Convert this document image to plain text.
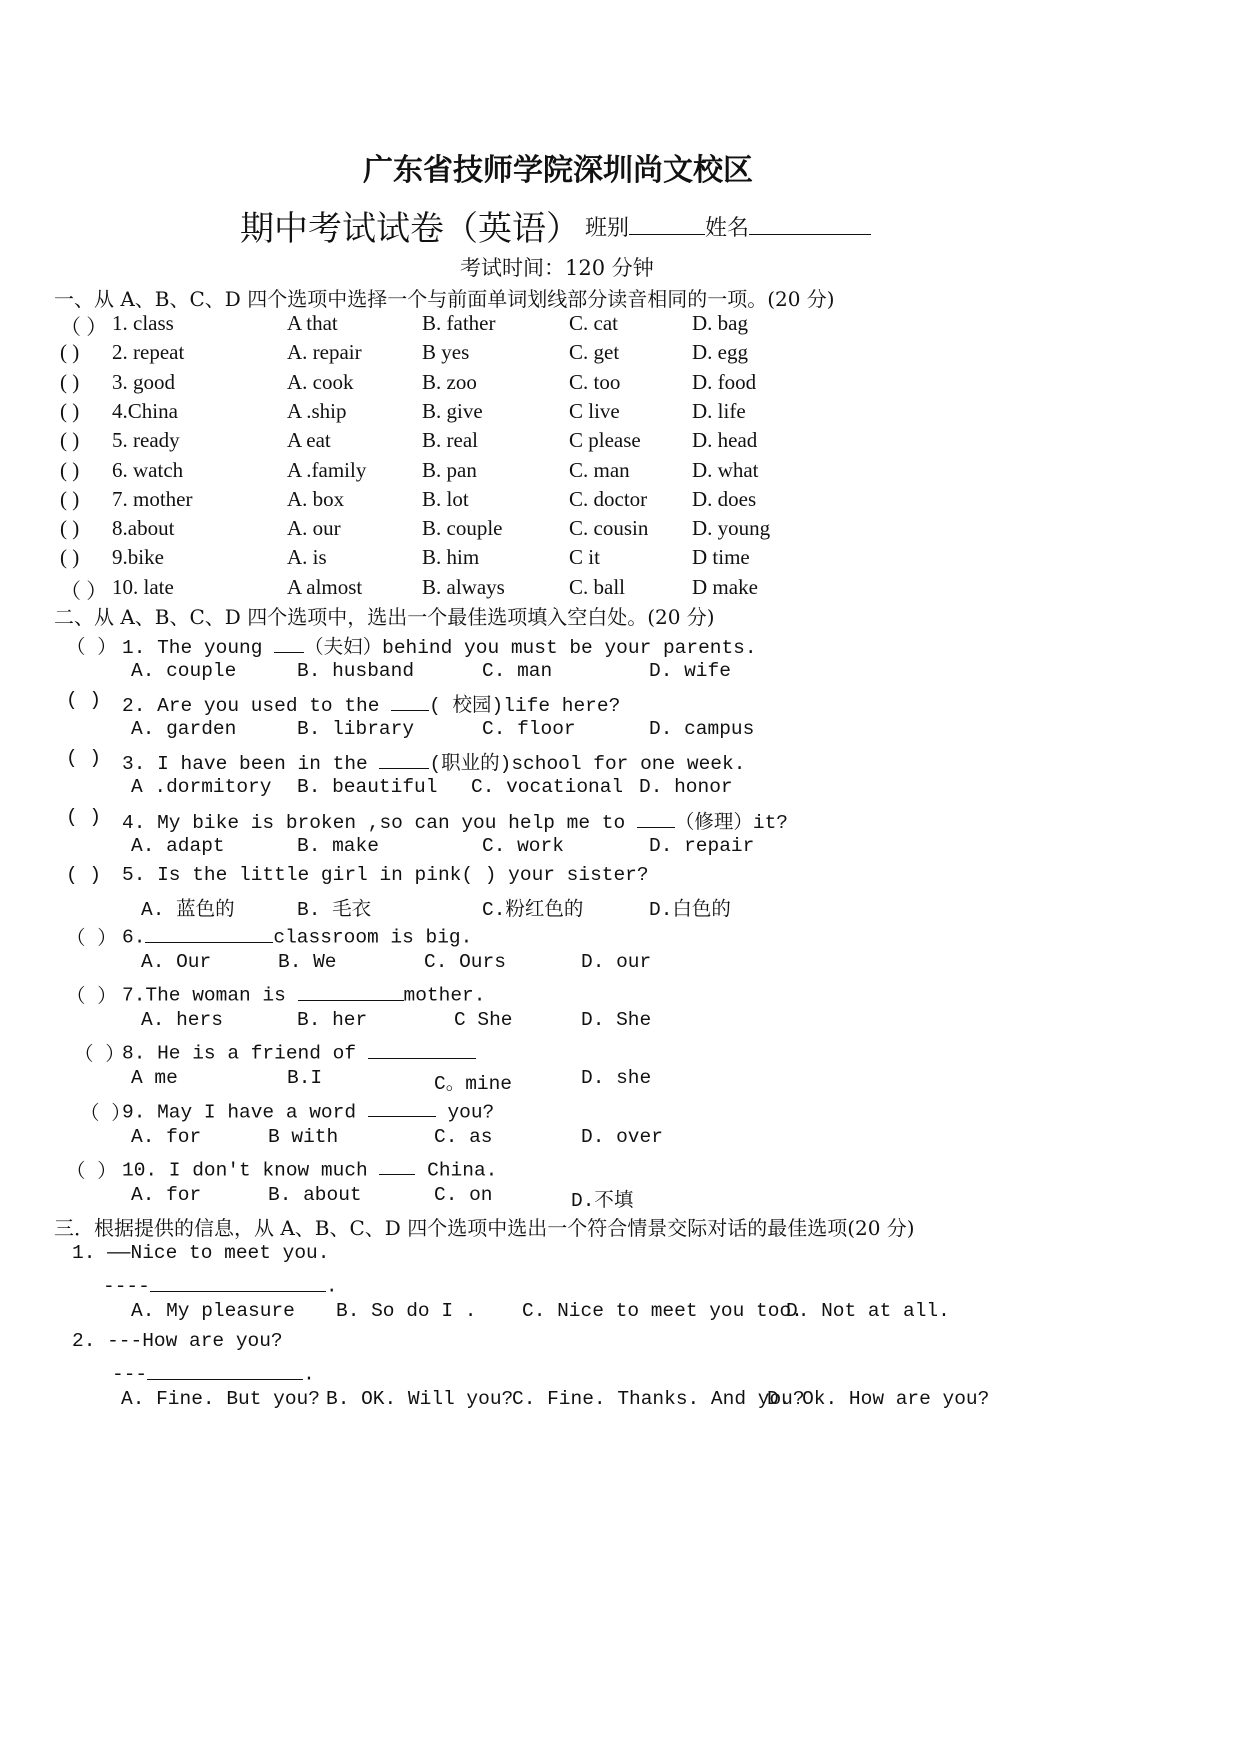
广东省技师学院深圳尚文校区
期中考试试卷（英语） 班别	姓名
考试时间：120 分钟
一、从 A、B、C、D 四个选项中选择一个与前面单词划线部分读音相同的一项。(20 分)
（ ） 1. class	A that	B. father	C. cat	D. bag
( ) 2. repeat	A. repair	B yes	C. get	D. egg
( ) 3. good	A. cook	B. zoo	C. too	D. food
( ) 4.China	A .ship	B. give	C live	D. life
( ) 5. ready	A eat	B. real	C please D. head
( ) 6. watch	A .family	B. pan	C. man	D. what
( ) 7. mother	A. box	B. lot	C. doctor D. does
( ) 8.about	A. our	B. couple	C. cousin D. young
( ) 9.bike	A. is	B. him	C it	D time
（ ） 10. late	A almost	B. always	C. ball	D make
二、从 A、B、C、D 四个选项中，选出一个最佳选项填入空白处。(20 分)
（ ） 1. The young （夫妇）behind you must be your parents.
A. couple	B. husband	C. man	D. wife
( ) 2. Are you used to the ( 校园)life here?
A. garden	B. library	C. floor	D. campus
( ) 3. I have been in the	(职业的)school for one week.
A .dormitory B. beautiful C. vocational D. honor
( ) 4. My bike is broken ,so can you help me to （修理）it?
A. adapt	B. make	C. work	D. repair
( ) 5. Is the little girl in pink( ) your sister?
A. 蓝色的	B. 毛衣	C.粉红色的	D.白色的
（ ） 6.	classroom is big.
A. Our	B. We	C. Ours	D. our
（ ） 7.The woman is	mother.
A. hers	B. her	C She	D. She
（ ）
8. He is a friend of
A me	B.I	C。mine	D. she
（ ）
9. May I have a word	you?
A. for	B with	C. as	D. over
（ ） 10. I don't know much  China.
A. for	B. about	C. on	D.不填
三．根据提供的信息，从 A、B、C、D 四个选项中选出一个符合情景交际对话的最佳选项(20 分)
1. ——Nice to meet you.
----	.
A. My pleasure B. So do I . C. Nice to meet you too.
D. Not at all.
2. ---How are you?
---	.
A. Fine. But you? B. OK. Will you?
C. Fine. Thanks. And you?
D. Ok. How are you?
